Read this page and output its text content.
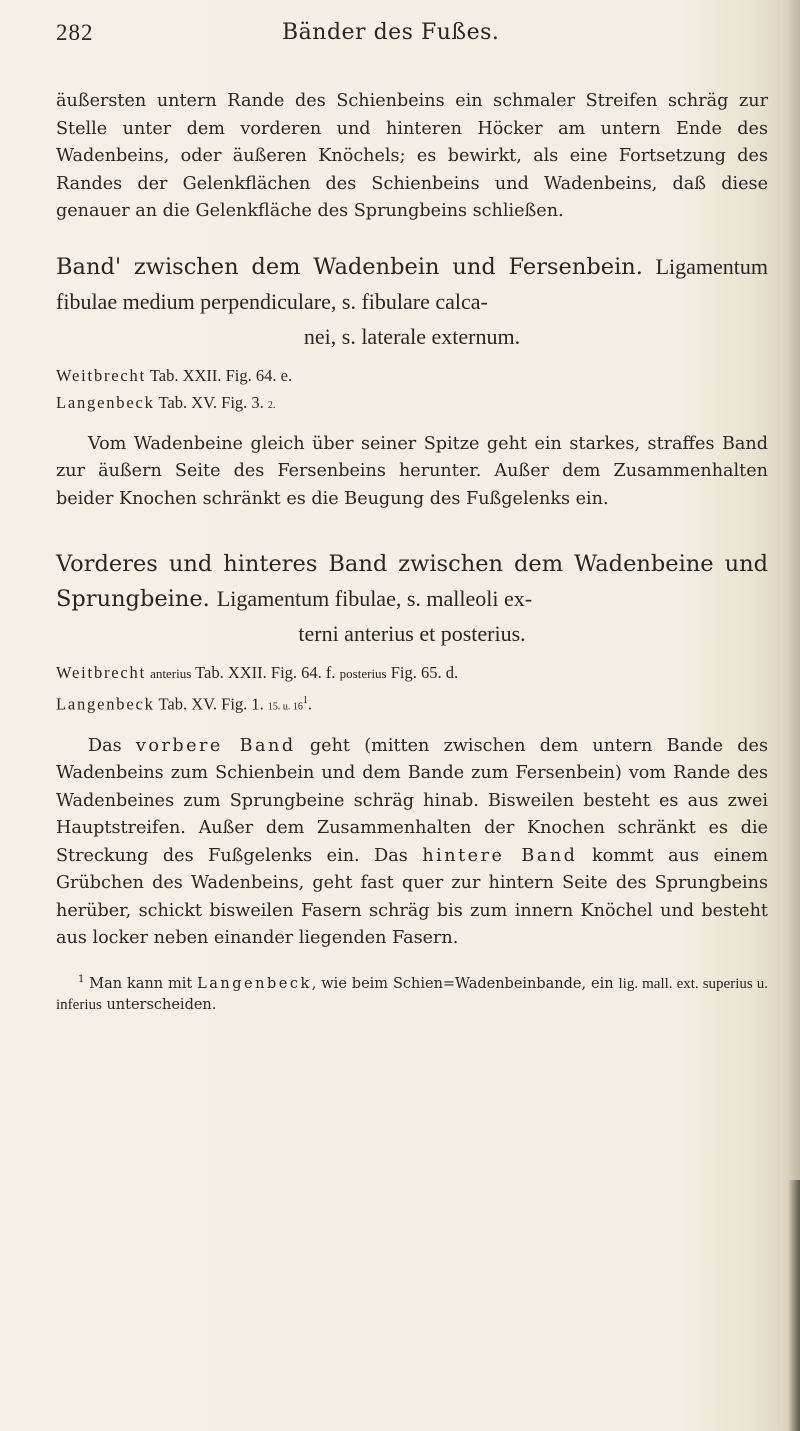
282	Bänder des Fußes.

äußersten untern Rande des Schienbeins ein schmaler Streifen schräg zur Stelle unter dem vorderen und hinteren Höcker am untern Ende des Wadenbeins, oder äußeren Knöchels; es bewirkt, als eine Fortsetzung des Randes der Gelenkflächen des Schienbeins und Wadenbeins, daß diese genauer an die Gelenkfläche des Sprungbeins schließen.

Band' zwischen dem Wadenbein und Fersenbein. Ligamentum fibulae medium perpendiculare, s. fibulare calca-
nei, s. laterale externum.
Weitbrecht Tab. XXII. Fig. 64. e.
Langenbeck Tab. XV. Fig. 3. 2.

Vom Wadenbeine gleich über seiner Spitze geht ein starkes, straffes Band zur äußern Seite des Fersenbeins herunter. Außer dem Zusammenhalten beider Knochen schränkt es die Beugung des Fußgelenks ein.

Vorderes und hinteres Band zwischen dem Wadenbeine und Sprungbeine. Ligamentum fibulae, s. malleoli ex-
terni anterius et posterius.
Weitbrecht anterius Tab. XXII. Fig. 64. f. posterius Fig. 65. d.
Langenbeck Tab. XV. Fig. 1. 15. u. 16$^1$.

Das vorbere Band geht (mitten zwischen dem untern Bande des Wadenbeins zum Schienbein und dem Bande zum Fersenbein) vom Rande des Wadenbeines zum Sprungbeine schräg hinab. Bisweilen besteht es aus zwei Hauptstreifen. Außer dem Zusammenhalten der Knochen schränkt es die Streckung des Fußgelenks ein. Das hintere Band kommt aus einem Grübchen des Wadenbeins, geht fast quer zur hintern Seite des Sprungbeins herüber, schickt bisweilen Fasern schräg bis zum innern Knöchel und besteht aus locker neben einander liegenden Fasern.

$^1$ Man kann mit Langenbeck, wie beim Schien=Wadenbeinbande, ein lig. mall. ext. superius u. inferius unterscheiden.
